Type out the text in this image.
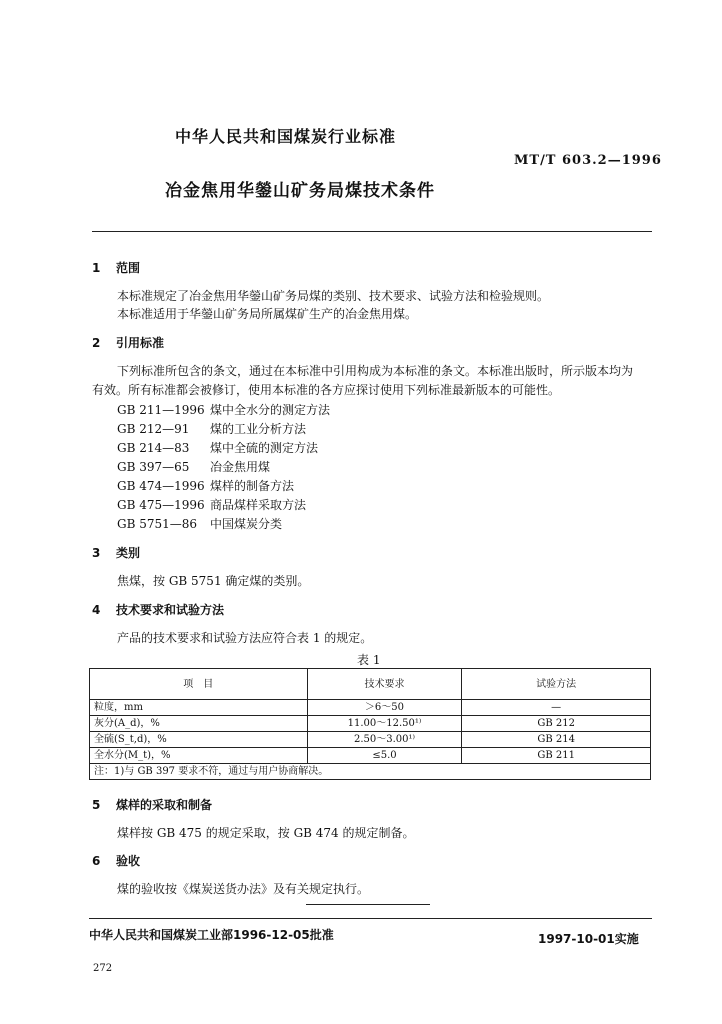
中华人民共和国煤炭行业标准
MT/T 603.2—1996
冶金焦用华鎣山矿务局煤技术条件
1 范围
本标准规定了冶金焦用华鎣山矿务局煤的类别、技术要求、试验方法和检验规则。
本标准适用于华鎣山矿务局所属煤矿生产的冶金焦用煤。
2 引用标准
下列标准所包含的条文，通过在本标准中引用构成为本标准的条文。本标准出版时，所示版本均为
有效。所有标准都会被修订，使用本标准的各方应探讨使用下列标准最新版本的可能性。
GB 211—1996 煤中全水分的测定方法
GB 212—91 煤的工业分析方法
GB 214—83 煤中全硫的测定方法
GB 397—65 冶金焦用煤
GB 474—1996 煤样的制备方法
GB 475—1996 商品煤样采取方法
GB 5751—86 中国煤炭分类
3 类别
焦煤，按 GB 5751 确定煤的类别。
4 技术要求和试验方法
产品的技术要求和试验方法应符合表 1 的规定。
表 1
项　目	技术要求	试验方法
粒度，mm	＞6～50	—
灰分(A_d)，%	11.00～12.50¹⁾	GB 212
全硫(S_t,d)，%	2.50～3.00¹⁾	GB 214
全水分(M_t)，%	≤5.0	GB 211
注：1)与 GB 397 要求不符，通过与用户协商解决。		
5 煤样的采取和制备
煤样按 GB 475 的规定采取，按 GB 474 的规定制备。
6 验收
煤的验收按《煤炭送货办法》及有关规定执行。
中华人民共和国煤炭工业部1996-12-05批准	1997-10-01实施
272
